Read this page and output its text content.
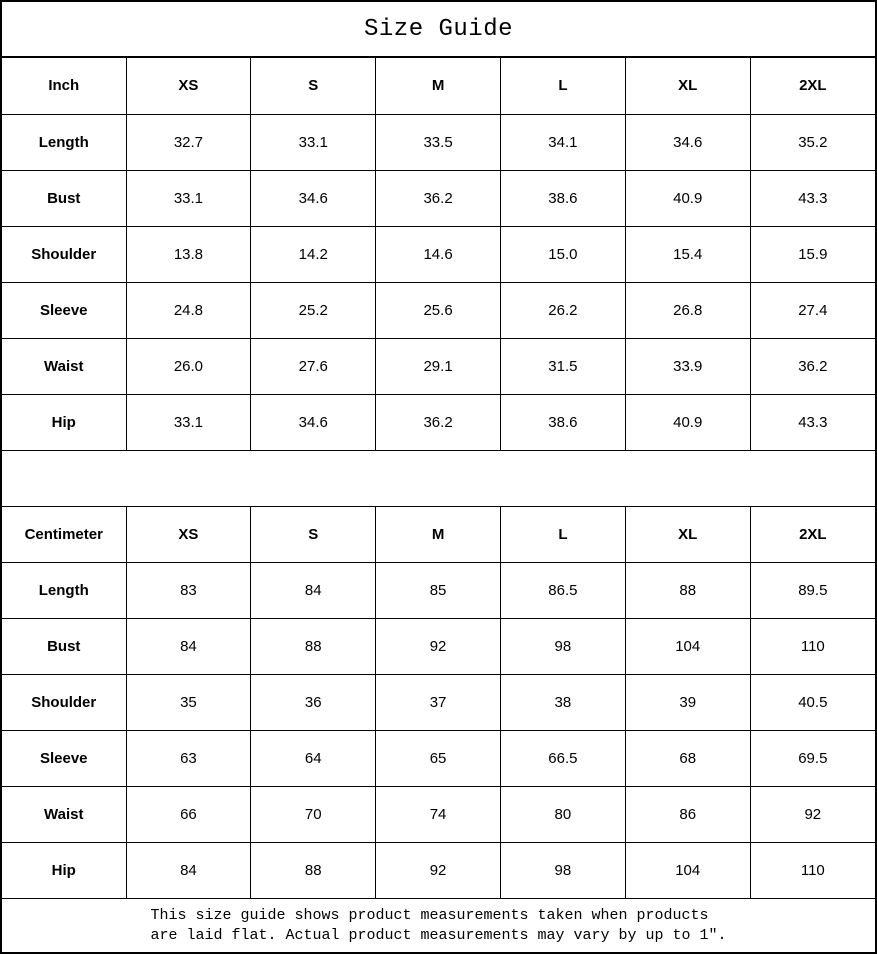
Size Guide
Inch	XS	S	M	L	XL	2XL
Length	32.7	33.1	33.5	34.1	34.6	35.2
Bust	33.1	34.6	36.2	38.6	40.9	43.3
Shoulder	13.8	14.2	14.6	15.0	15.4	15.9
Sleeve	24.8	25.2	25.6	26.2	26.8	27.4
Waist	26.0	27.6	29.1	31.5	33.9	36.2
Hip	33.1	34.6	36.2	38.6	40.9	43.3
Centimeter	XS	S	M	L	XL	2XL
Length	83	84	85	86.5	88	89.5
Bust	84	88	92	98	104	110
Shoulder	35	36	37	38	39	40.5
Sleeve	63	64	65	66.5	68	69.5
Waist	66	70	74	80	86	92
Hip	84	88	92	98	104	110
This size guide shows product measurements taken when products
are laid flat. Actual product measurements may vary by up to 1″.
